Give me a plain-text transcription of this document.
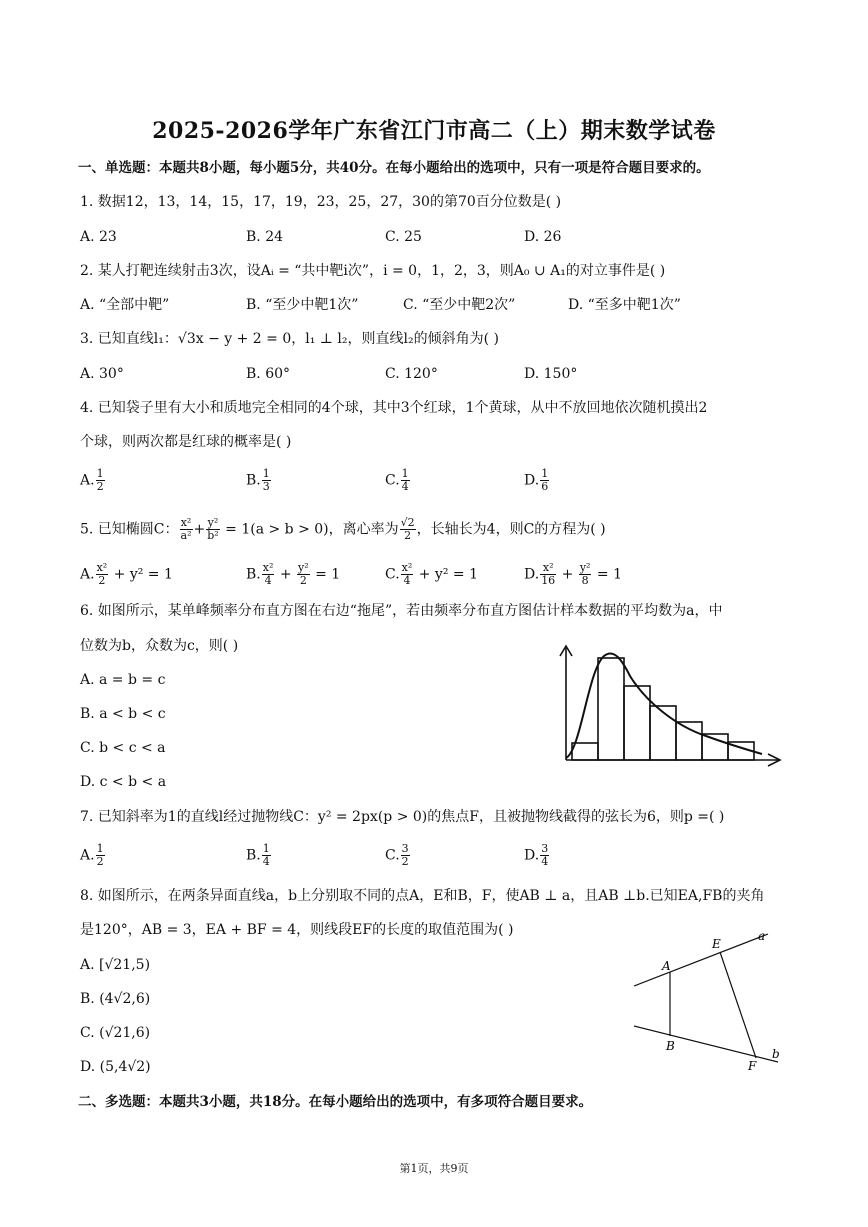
2025-2026学年广东省江门市高二（上）期末数学试卷
一、单选题：本题共8小题，每小题5分，共40分。在每小题给出的选项中，只有一项是符合题目要求的。
1. 数据12，13，14，15，17，19，23，25，27，30的第70百分位数是( )
A. 23	B. 24	C. 25	D. 26
2. 某人打靶连续射击3次，设Aᵢ = “共中靶i次”，i = 0，1，2，3，则A₀ ∪ A₁的对立事件是( )
A. “全部中靶”	B. “至少中靶1次”	C. “至少中靶2次”	D. “至多中靶1次”
3. 已知直线l₁：√3x − y + 2 = 0，l₁ ⊥ l₂，则直线l₂的倾斜角为( )
A. 30°	B. 60°	C. 120°	D. 150°
4. 已知袋子里有大小和质地完全相同的4个球，其中3个红球，1个黄球，从中不放回地依次随机摸出2
个球，则两次都是红球的概率是( )
A. $\frac{1}{2}$	B. $\frac{1}{3}$	C. $\frac{1}{4}$	D. $\frac{1}{6}$
5. 已知椭圆C： $\frac{\text{x²}}{\text{a²}} + \frac{\text{y²}}{\text{b²}} = 1(a > b > 0)$，离心率为 $\frac{√2}{2}$ ，长轴长为4，则C的方程为( )
A. $\frac{\text{x²}}{2} + y^2 = 1$	B. $\frac{\text{x²}}{4} + \frac{\text{y²}}{2} = 1$	C. $\frac{\text{x²}}{4} + y^2 = 1$	D. $\frac{\text{x²}}{16} + \frac{\text{y²}}{8} = 1$
6. 如图所示，某单峰频率分布直方图在右边“拖尾”，若由频率分布直方图估计样本数据的平均数为a，中
位数为b，众数为c，则( )
A. a = b = c
B. a < b < c
C. b < c < a
D. c < b < a
7. 已知斜率为1的直线l经过抛物线C：y² = 2px(p > 0)的焦点F，且被抛物线截得的弦长为6，则p =( )
A. $\frac{1}{2}$	B. $\frac{1}{4}$	C. $\frac{3}{2}$	D. $\frac{3}{4}$
8. 如图所示，在两条异面直线a，b上分别取不同的点A，E和B，F，使AB ⊥ a，且AB ⊥b.已知EA,FB的夹角
是120°，AB = 3，EA + BF = 4，则线段EF的长度的取值范围为( )
A. [√21,5)
B. (4√2,6)
C. (√21,6)
D. (5,4√2)
A
E
B
F
a
b
二、多选题：本题共3小题，共18分。在每小题给出的选项中，有多项符合题目要求。
第1页，共9页
